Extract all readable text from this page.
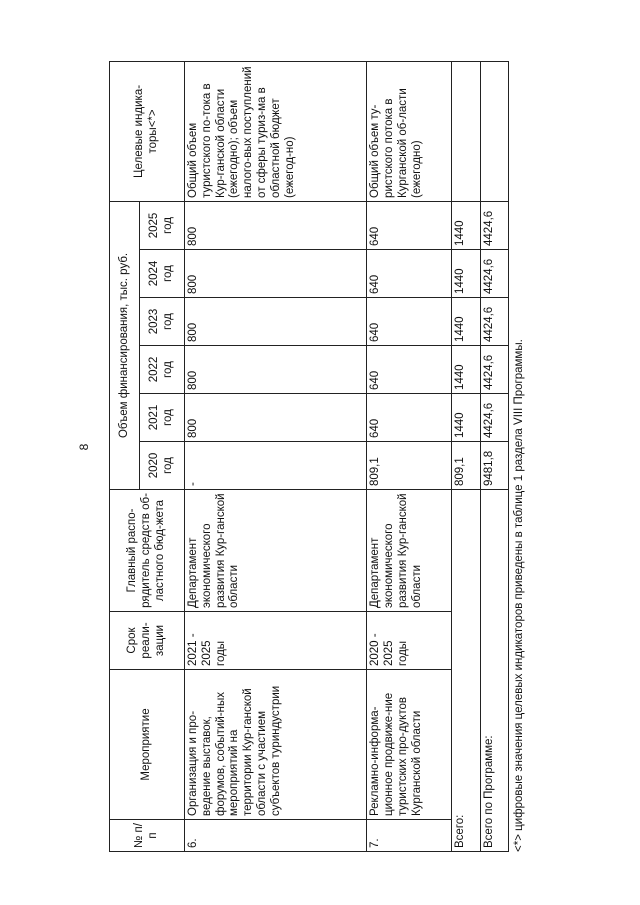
8
№ п/п	Мероприятие	Срок реали-зации	Главный распо-рядитель средств об-ластного бюд-жета	Объем финансирования, тыс. руб.						Целевые индика-торы<*>
				2020 год	2021 год	2022 год	2023 год	2024 год	2025 год	
6.	Организация и про-ведение выставок, форумов, событий-ных мероприятий на территории Кур-ганской области с участием субъектов туриндустрии	2021 - 2025 годы	Департамент экономического развития Кур-ганской области	-	800	800	800	800	800	Общий объем туристского по-тока в Кур-ганской области (ежегодно); объем налого-вых поступлений от сферы туриз-ма в областной бюджет (ежегод-но)
7.	Рекламно-информа-ционное продвиже-ние туристских про-дуктов Курганской области	2020 - 2025 годы	Департамент экономического развития Кур-ганской области	809,1	640	640	640	640	640	Общий объем ту-ристского потока в Курганской об-ласти (ежегодно)
Всего:				809,1	1440	1440	1440	1440	1440	
Всего по Программе:				9481,8	4424,6	4424,6	4424,6	4424,6	4424,6	
<*> цифровые значения целевых индикаторов приведены в таблице 1 раздела VIII Программы.
